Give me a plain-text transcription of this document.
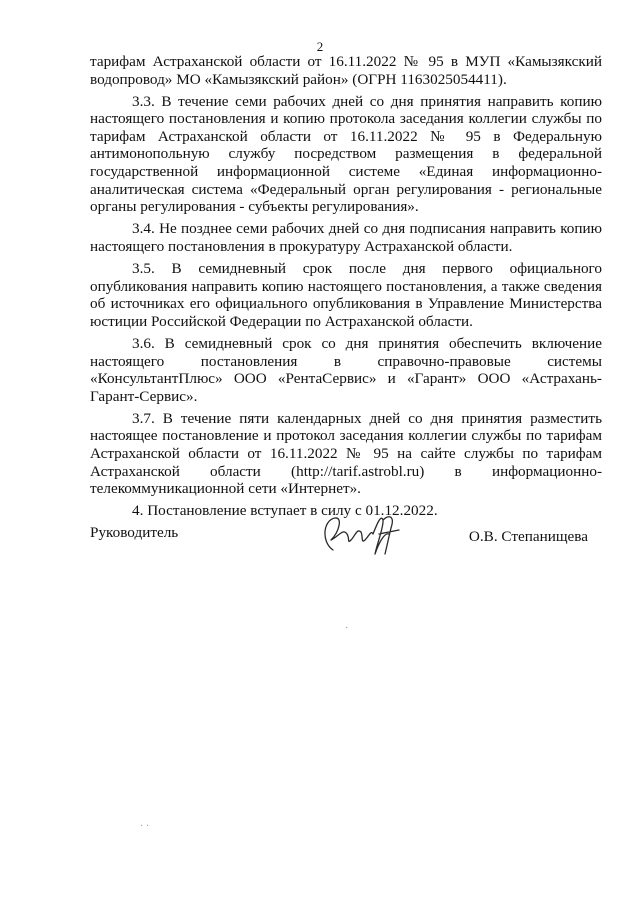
2

тарифам Астраханской области от 16.11.2022 № 95 в МУП «Камызякский водопровод» МО «Камызякский район» (ОГРН 1163025054411).

3.3. В течение семи рабочих дней со дня принятия направить копию настоящего постановления и копию протокола заседания коллегии службы по тарифам Астраханской области от 16.11.2022 № 95 в Федеральную антимонопольную службу посредством размещения в федеральной государственной информационной системе «Единая информационно-аналитическая система «Федеральный орган регулирования - региональные органы регулирования - субъекты регулирования».

3.4. Не позднее семи рабочих дней со дня подписания направить копию настоящего постановления в прокуратуру Астраханской области.

3.5. В семидневный срок после дня первого официального опубликования направить копию настоящего постановления, а также сведения об источниках его официального опубликования в Управление Министерства юстиции Российской Федерации по Астраханской области.

3.6. В семидневный срок со дня принятия обеспечить включение настоящего постановления в справочно-правовые системы «КонсультантПлюс» ООО «РентаСервис» и «Гарант» ООО «Астрахань-Гарант-Сервис».

3.7. В течение пяти календарных дней со дня принятия разместить настоящее постановление и протокол заседания коллегии службы по тарифам Астраханской области от 16.11.2022 № 95 на сайте службы по тарифам Астраханской области (http://tarif.astrobl.ru) в информационно-телекоммуникационной сети «Интернет».

4. Постановление вступает в силу с 01.12.2022.

Руководитель	О.В. Степанищева
·
· ·
